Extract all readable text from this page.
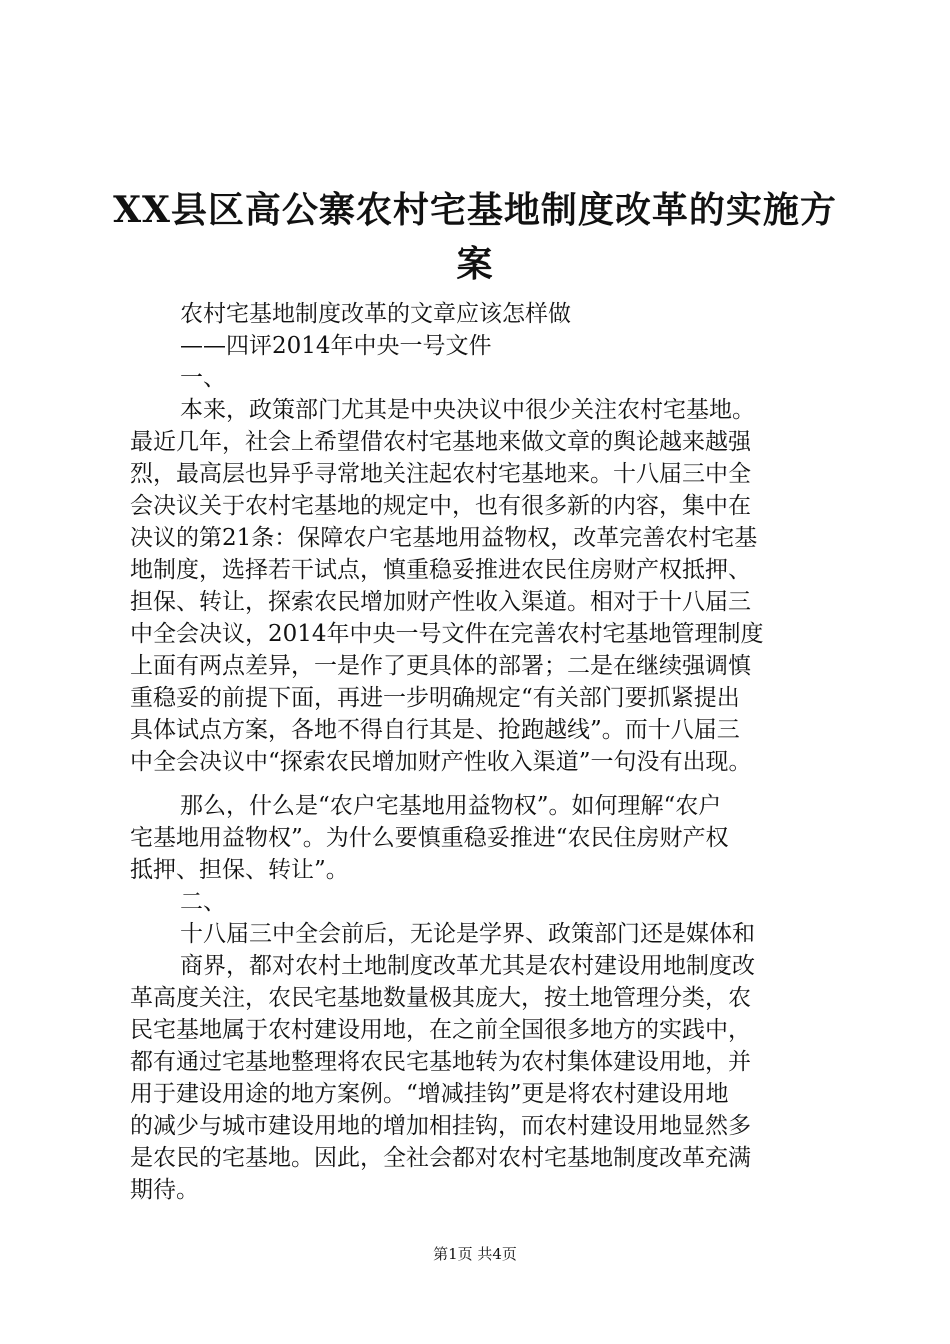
XX县区高公寨农村宅基地制度改革的实施方
案
农村宅基地制度改革的文章应该怎样做
——四评2014年中央一号文件
一、
本来，政策部门尤其是中央决议中很少关注农村宅基地。
最近几年，社会上希望借农村宅基地来做文章的舆论越来越强
烈，最高层也异乎寻常地关注起农村宅基地来。十八届三中全
会决议关于农村宅基地的规定中，也有很多新的内容，集中在
决议的第21条：保障农户宅基地用益物权，改革完善农村宅基
地制度，选择若干试点，慎重稳妥推进农民住房财产权抵押、
担保、转让，探索农民增加财产性收入渠道。相对于十八届三
中全会决议，2014年中央一号文件在完善农村宅基地管理制度
上面有两点差异，一是作了更具体的部署；二是在继续强调慎
重稳妥的前提下面，再进一步明确规定“有关部门要抓紧提出
具体试点方案，各地不得自行其是、抢跑越线”。而十八届三
中全会决议中“探索农民增加财产性收入渠道”一句没有出现。
那么，什么是“农户宅基地用益物权”。如何理解“农户
宅基地用益物权”。为什么要慎重稳妥推进“农民住房财产权
抵押、担保、转让”。
二、
十八届三中全会前后，无论是学界、政策部门还是媒体和
商界，都对农村土地制度改革尤其是农村建设用地制度改
革高度关注，农民宅基地数量极其庞大，按土地管理分类，农
民宅基地属于农村建设用地，在之前全国很多地方的实践中，
都有通过宅基地整理将农民宅基地转为农村集体建设用地，并
用于建设用途的地方案例。“增减挂钩”更是将农村建设用地
的减少与城市建设用地的增加相挂钩，而农村建设用地显然多
是农民的宅基地。因此，全社会都对农村宅基地制度改革充满
期待。
第1页 共4页
